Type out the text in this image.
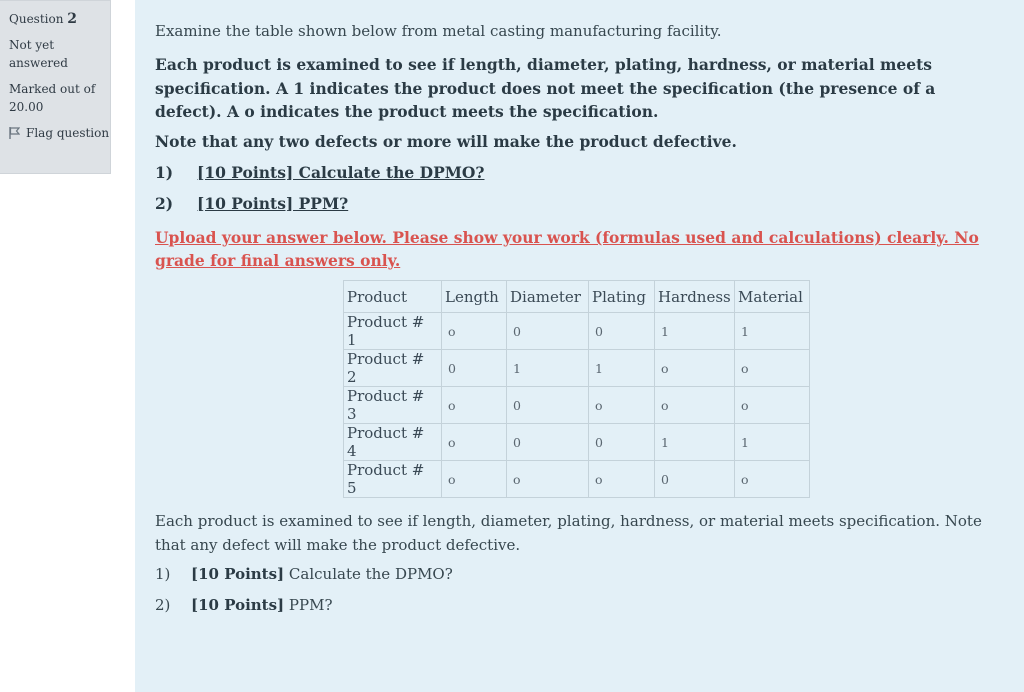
Question 2
Not yet answered
Marked out of 20.00
Flag question
Examine the table shown below from metal casting manufacturing facility.
Each product is examined to see if length, diameter, plating, hardness, or material meets specification. A 1 indicates the product does not meet the specification (the presence of a defect). A o indicates the product meets the specification.
Note that any two defects or more will make the product defective.
1) [10 Points] Calculate the DPMO?
2) [10 Points] PPM?
Upload your answer below. Please show your work (formulas used and calculations) clearly. No grade for final answers only.
Product	Length	Diameter	Plating	Hardness	Material
Product # 1	o	0	0	1	1
Product # 2	0	1	1	o	o
Product # 3	o	0	o	o	o
Product # 4	o	0	0	1	1
Product # 5	o	o	o	0	o
Each product is examined to see if length, diameter, plating, hardness, or material meets specification. Note that any defect will make the product defective.
1) [10 Points] Calculate the DPMO?
2) [10 Points] PPM?
